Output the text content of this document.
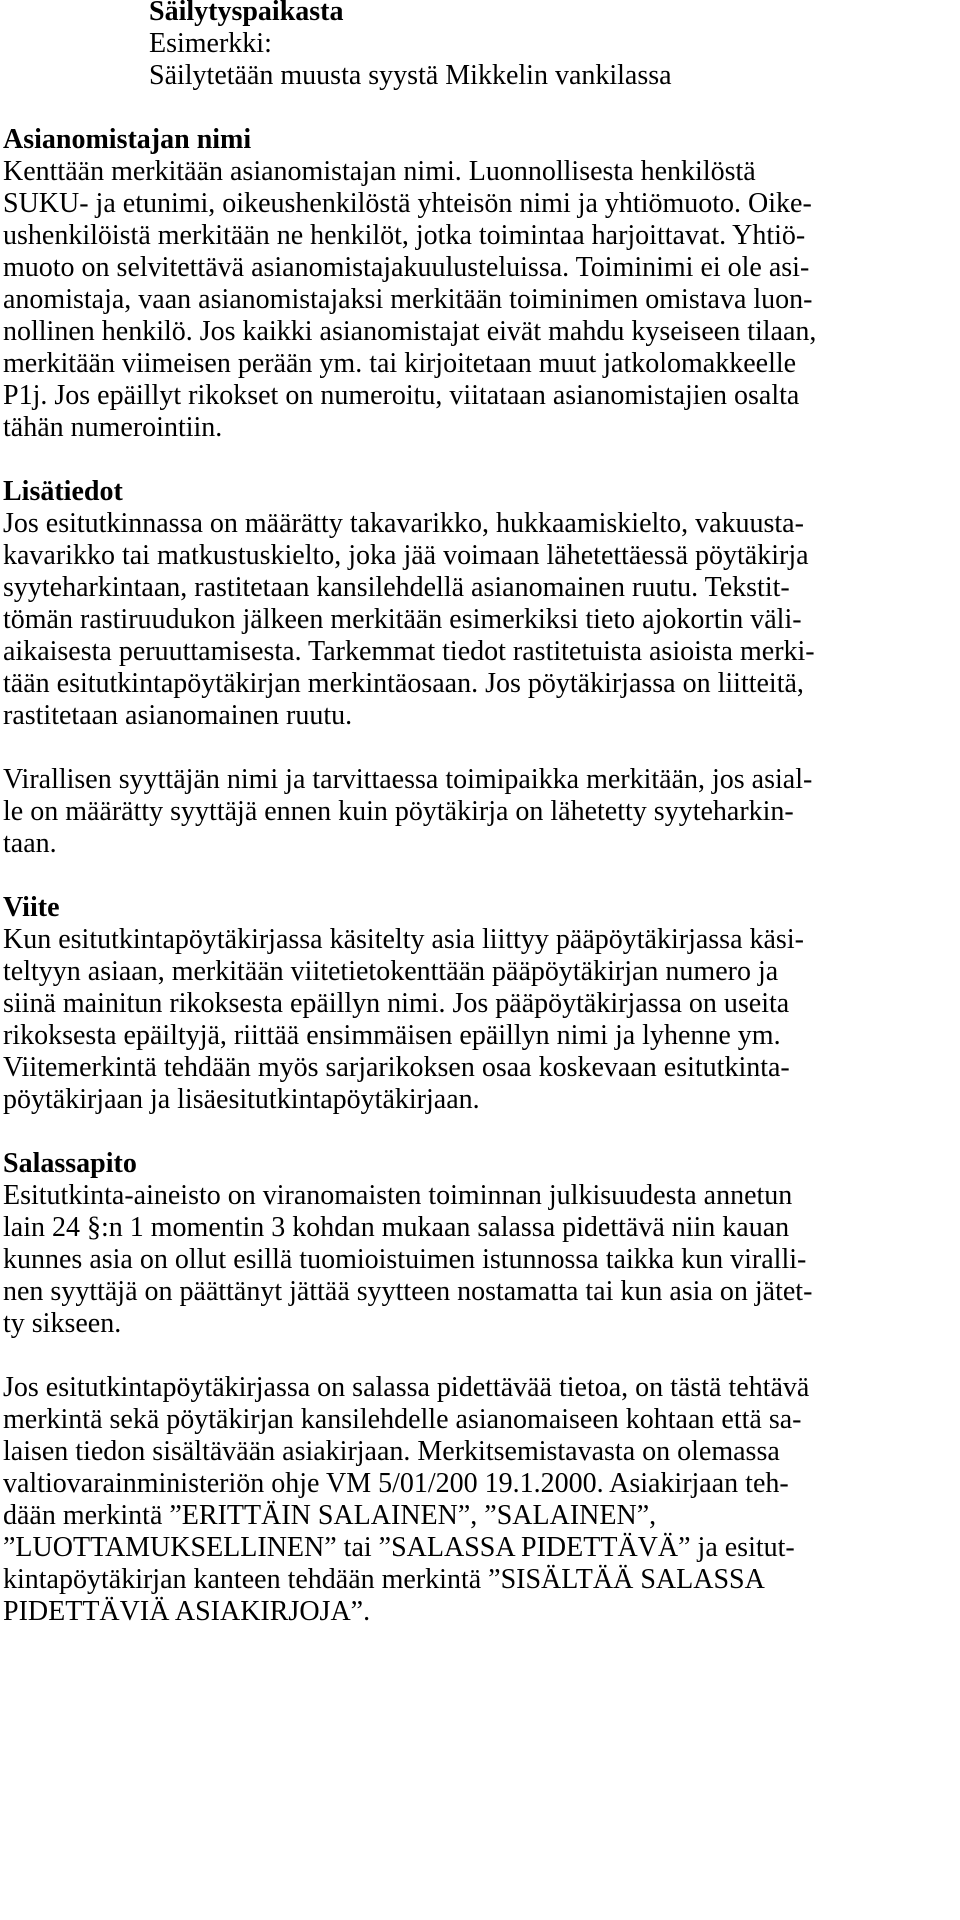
Säilytyspaikasta
Esimerkki:
Säilytetään muusta syystä Mikkelin vankilassa
Asianomistajan nimi
Kenttään merkitään asianomistajan nimi. Luonnollisesta henkilöstä
SUKU- ja etunimi, oikeushenkilöstä yhteisön nimi ja yhtiömuoto. Oike-
ushenkilöistä merkitään ne henkilöt, jotka toimintaa harjoittavat. Yhtiö-
muoto on selvitettävä asianomistajakuulusteluissa. Toiminimi ei ole asi-
anomistaja, vaan asianomistajaksi merkitään toiminimen omistava luon-
nollinen henkilö. Jos kaikki asianomistajat eivät mahdu kyseiseen tilaan,
merkitään viimeisen perään ym. tai kirjoitetaan muut jatkolomakkeelle
P1j. Jos epäillyt rikokset on numeroitu, viitataan asianomistajien osalta
tähän numerointiin.
Lisätiedot
Jos esitutkinnassa on määrätty takavarikko, hukkaamiskielto, vakuusta-
kavarikko tai matkustuskielto, joka jää voimaan lähetettäessä pöytäkirja
syyteharkintaan, rastitetaan kansilehdellä asianomainen ruutu. Tekstit-
tömän rastiruudukon jälkeen merkitään esimerkiksi tieto ajokortin väli-
aikaisesta peruuttamisesta. Tarkemmat tiedot rastitetuista asioista merki-
tään esitutkintapöytäkirjan merkintäosaan. Jos pöytäkirjassa on liitteitä,
rastitetaan asianomainen ruutu.
Virallisen syyttäjän nimi ja tarvittaessa toimipaikka merkitään, jos asial-
le on määrätty syyttäjä ennen kuin pöytäkirja on lähetetty syyteharkin-
taan.
Viite
Kun esitutkintapöytäkirjassa käsitelty asia liittyy pääpöytäkirjassa käsi-
teltyyn asiaan, merkitään viitetietokenttään pääpöytäkirjan numero ja
siinä mainitun rikoksesta epäillyn nimi. Jos pääpöytäkirjassa on useita
rikoksesta epäiltyjä, riittää ensimmäisen epäillyn nimi ja lyhenne ym.
Viitemerkintä tehdään myös sarjarikoksen osaa koskevaan esitutkinta-
pöytäkirjaan ja lisäesitutkintapöytäkirjaan.
Salassapito
Esitutkinta-aineisto on viranomaisten toiminnan julkisuudesta annetun
lain 24 §:n 1 momentin 3 kohdan mukaan salassa pidettävä niin kauan
kunnes asia on ollut esillä tuomioistuimen istunnossa taikka kun viralli-
nen syyttäjä on päättänyt jättää syytteen nostamatta tai kun asia on jätet-
ty sikseen.
Jos esitutkintapöytäkirjassa on salassa pidettävää tietoa, on tästä tehtävä
merkintä sekä pöytäkirjan kansilehdelle asianomaiseen kohtaan että sa-
laisen tiedon sisältävään asiakirjaan. Merkitsemistavasta on olemassa
valtiovarainministeriön ohje VM 5/01/200 19.1.2000. Asiakirjaan teh-
dään merkintä ”ERITTÄIN SALAINEN”, ”SALAINEN”,
”LUOTTAMUKSELLINEN” tai ”SALASSA PIDETTÄVÄ” ja esitut-
kintapöytäkirjan kanteen tehdään merkintä ”SISÄLTÄÄ SALASSA
PIDETTÄVIÄ ASIAKIRJOJA”.
